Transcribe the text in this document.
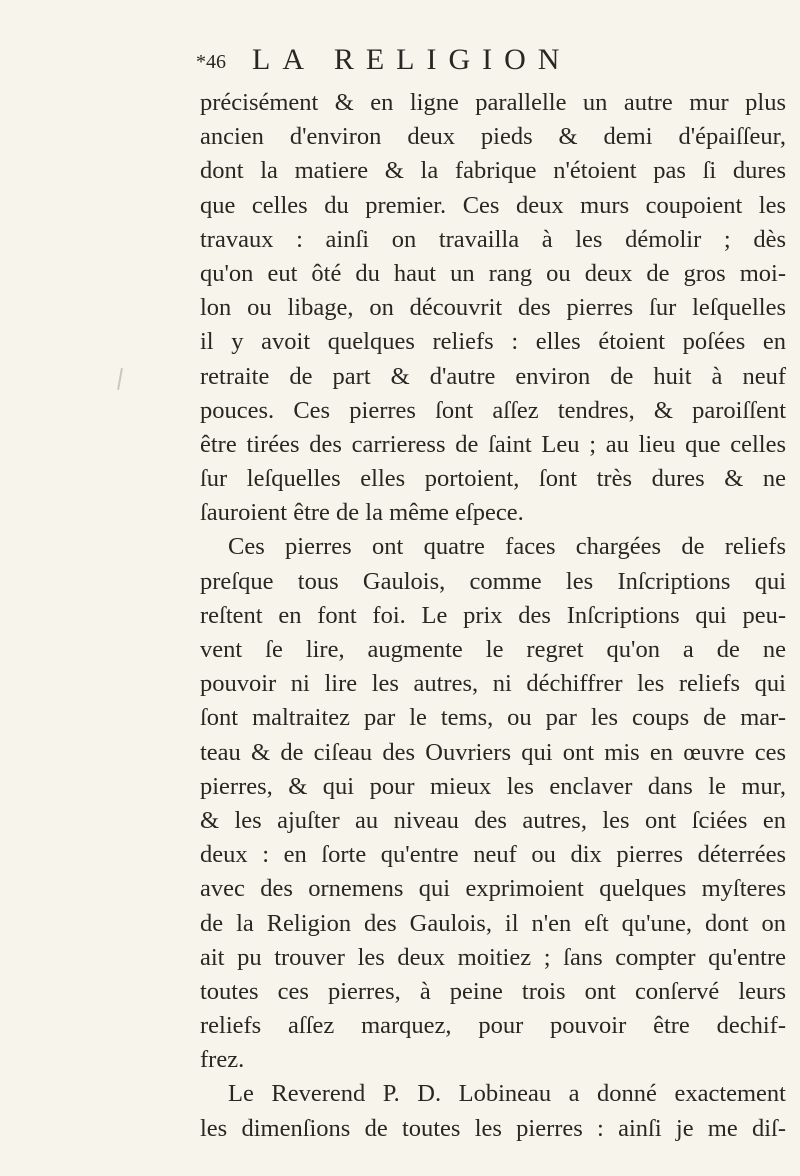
*46 LA RELIGION
précisément & en ligne parallelle un autre mur plus
ancien d'environ deux pieds & demi d'épaiſſeur,
dont la matiere & la fabrique n'étoient pas ſi dures
que celles du premier. Ces deux murs coupoient les
travaux : ainſi on travailla à les démolir ; dès
qu'on eut ôté du haut un rang ou deux de gros moi-
lon ou libage, on découvrit des pierres ſur leſquelles
il y avoit quelques reliefs : elles étoient poſées en
retraite de part & d'autre environ de huit à neuf
pouces. Ces pierres ſont aſſez tendres, & paroiſſent
être tirées des carrieress de ſaint Leu ; au lieu que celles
ſur leſquelles elles portoient, ſont très dures & ne
ſauroient être de la même eſpece.
Ces pierres ont quatre faces chargées de reliefs
preſque tous Gaulois, comme les Inſcriptions qui
reſtent en font foi. Le prix des Inſcriptions qui peu-
vent ſe lire, augmente le regret qu'on a de ne
pouvoir ni lire les autres, ni déchiffrer les reliefs qui
ſont maltraitez par le tems, ou par les coups de mar-
teau & de ciſeau des Ouvriers qui ont mis en œuvre ces
pierres, & qui pour mieux les enclaver dans le mur,
& les ajuſter au niveau des autres, les ont ſciées en
deux : en ſorte qu'entre neuf ou dix pierres déterrées
avec des ornemens qui exprimoient quelques myſteres
de la Religion des Gaulois, il n'en eſt qu'une, dont on
ait pu trouver les deux moitiez ; ſans compter qu'entre
toutes ces pierres, à peine trois ont conſervé leurs
reliefs aſſez marquez, pour pouvoir être dechif-
frez.
Le Reverend P. D. Lobineau a donné exactement
les dimenſions de toutes les pierres : ainſi je me diſ-
